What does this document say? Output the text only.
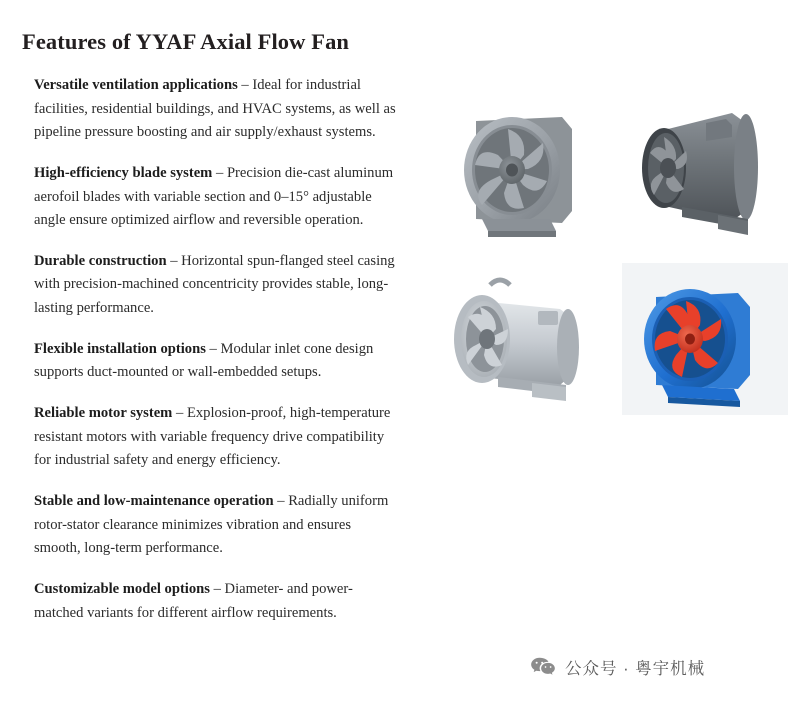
Features of YYAF Axial Flow Fan

Versatile ventilation applications – Ideal for industrial facilities, residential buildings, and HVAC systems, as well as pipeline pressure boosting and air supply/exhaust systems.

High-efficiency blade system – Precision die-cast aluminum aerofoil blades with variable section and 0–15° adjustable angle ensure optimized airflow and reversible operation.

Durable construction – Horizontal spun-flanged steel casing with precision-machined concentricity provides stable, long-lasting performance.

Flexible installation options – Modular inlet cone design supports duct-mounted or wall-embedded setups.

Reliable motor system – Explosion-proof, high-temperature resistant motors with variable frequency drive compatibility for industrial safety and energy efficiency.

Stable and low-maintenance operation – Radially uniform rotor-stator clearance minimizes vibration and ensures smooth, long-term performance.

Customizable model options – Diameter- and power-matched variants for different airflow requirements.

公众号 · 粤宇机械
